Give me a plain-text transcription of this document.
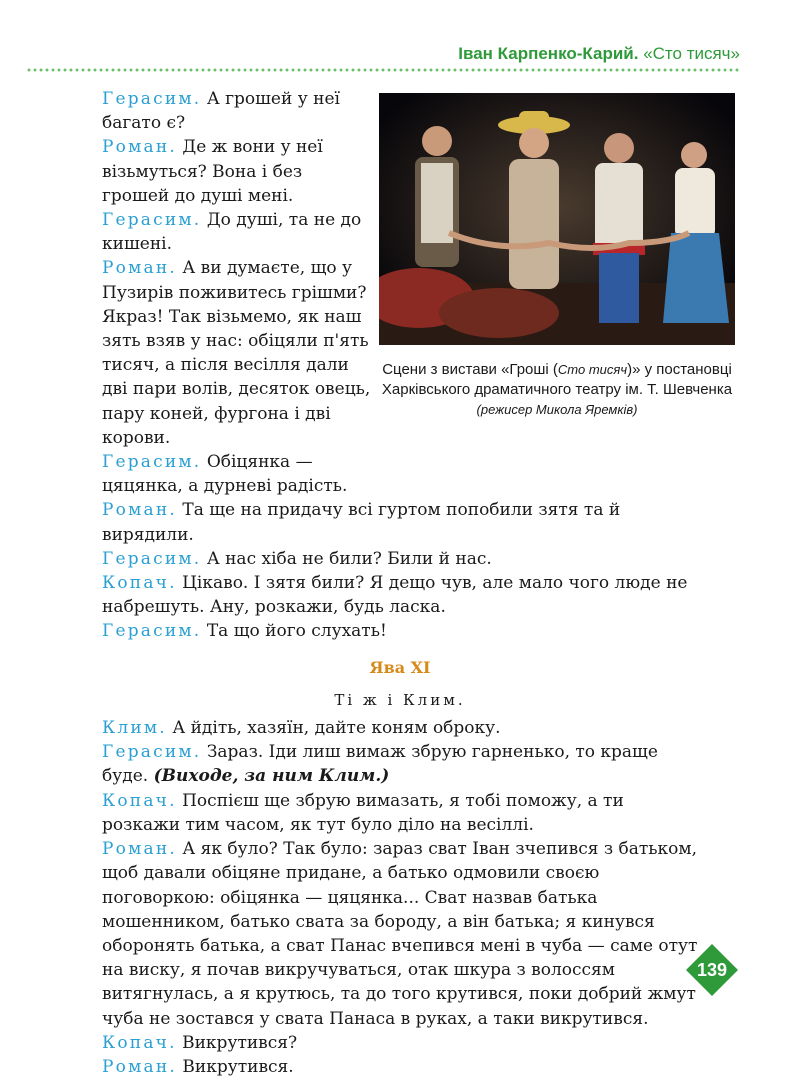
Іван Карпенко-Карий. «Сто тисяч»
Сцени з вистави «Гроші (Сто тисяч)» у постановці
Харківського драматичного театру ім. Т. Шевченка
(режисер Микола Яремків)

Герасим. А грошей у неї багато є?

Роман. Де ж вони у неї візьмуться? Вона і без грошей до душі мені.

Герасим. До душі, та не до кишені.

Роман. А ви думаєте, що у Пузирів поживитесь грішми? Якраз! Так візьмемо, як наш зять взяв у нас: обіцяли п'ять тисяч, а після весілля дали дві пари волів, десяток овець, пару коней, фургона і дві корови.

Герасим. Обіцянка — цяцянка, а дурневі радість.

Роман. Та ще на придачу всі гуртом попобили зятя та й вирядили.

Герасим. А нас хіба не били? Били й нас.

Копач. Цікаво. І зятя били? Я дещо чув, але мало чого люде не набрешуть. Ану, розкажи, будь ласка.

Герасим. Та що його слухать!

Ява XI
Ті ж і Клим.

Клим. А йдіть, хазяїн, дайте коням оброку.

Герасим. Зараз. Іди лиш вимаж збрую гарненько, то краще буде. (Виходе, за ним Клим.)

Копач. Поспієш ще збрую вимазать, я тобі поможу, а ти розкажи тим часом, як тут було діло на весіллі.

Роман. А як було? Так було: зараз сват Іван зчепився з батьком, щоб давали обіцяне придане, а батько одмовили своєю поговоркою: обіцянка — цяцянка... Сват назвав батька мошенником, батько свата за бороду, а він батька; я кинувся оборонять батька, а сват Панас вчепився мені в чуба — саме отут на виску, я почав викручуваться, отак шкура з волоссям витягнулась, а я крутюсь, та до того крутився, поки добрий жмут чуба не зостався у свата Панаса в руках, а таки викрутився.

Копач. Викрутився?

Роман. Викрутився.

139
